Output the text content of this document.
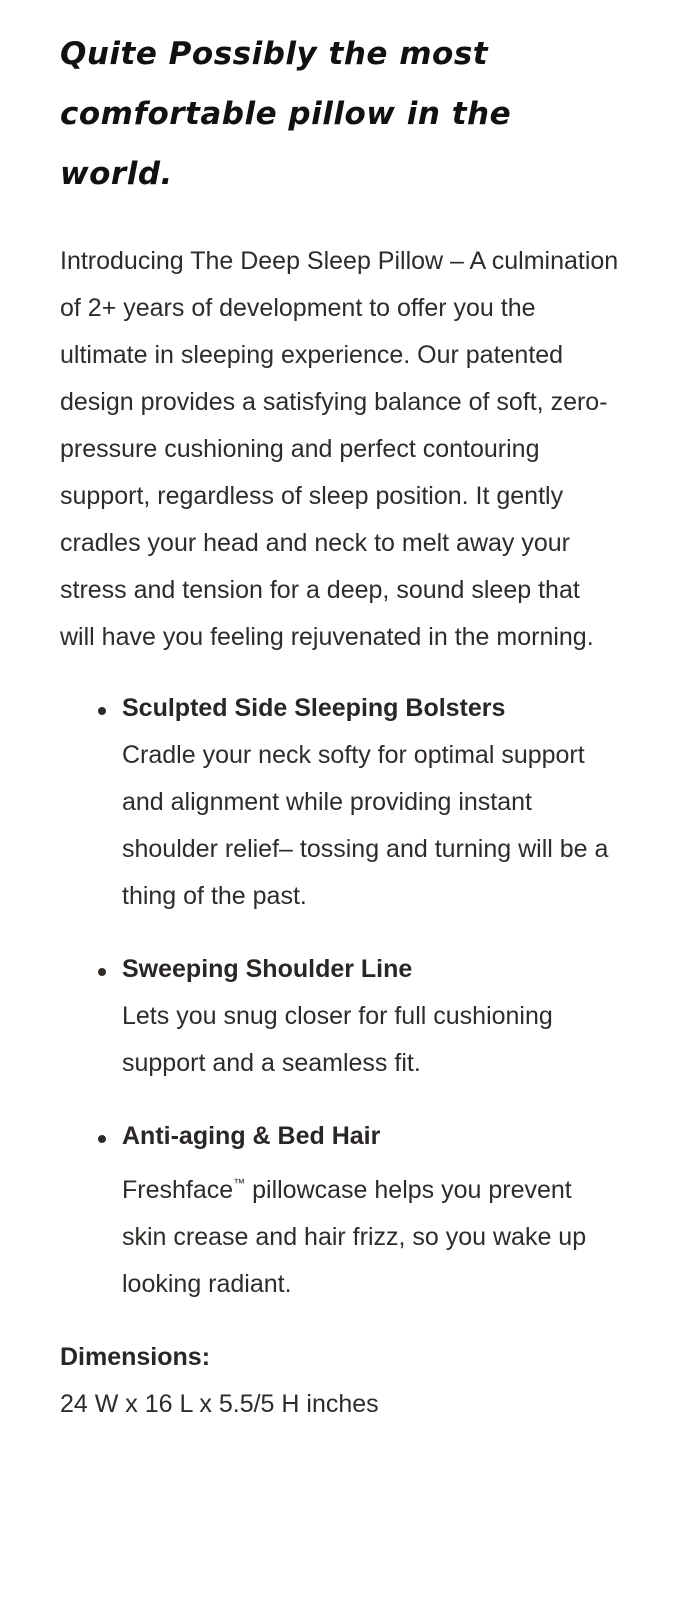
Quite Possibly the most comfortable pillow in the world.

Introducing The Deep Sleep Pillow – A culmination of 2+ years of development to offer you the ultimate in sleeping experience. Our patented design provides a satisfying balance of soft, zero-pressure cushioning and perfect contouring support, regardless of sleep position. It gently cradles your head and neck to melt away your stress and tension for a deep, sound sleep that will have you feeling rejuvenated in the morning.

Sculpted Side Sleeping Bolsters
Cradle your neck softy for optimal support and alignment while providing instant shoulder relief– tossing and turning will be a thing of the past.
Sweeping Shoulder Line
Lets you snug closer for full cushioning support and a seamless fit.
Anti-aging & Bed Hair
Freshface™ pillowcase helps you prevent skin crease and hair frizz, so you wake up looking radiant.

Dimensions:

24 W x 16 L x 5.5/5 H inches
